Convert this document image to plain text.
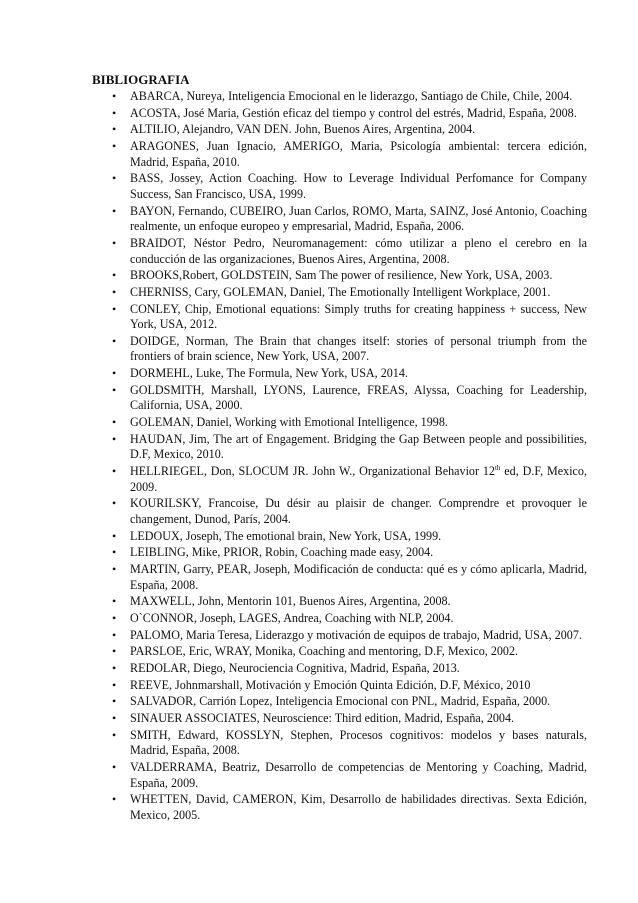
BIBLIOGRAFIA
• ABARCA, Nureya, Inteligencia Emocional en le liderazgo, Santiago de Chile, Chile, 2004.
• ACOSTA, José Maria, Gestión eficaz del tiempo y control del estrés, Madrid, España, 2008.
• ALTILIO, Alejandro, VAN DEN. John, Buenos Aires, Argentina, 2004.
• ARAGONES, Juan Ignacio, AMERIGO, Maria, Psicología ambiental: tercera edición, Madrid, España, 2010.
• BASS, Jossey, Action Coaching. How to Leverage Individual Perfomance for Company Success, San Francisco, USA, 1999.
• BAYON, Fernando, CUBEIRO, Juan Carlos, ROMO, Marta, SAINZ, José Antonio, Coaching realmente, un enfoque europeo y empresarial, Madrid, España, 2006.
• BRAIDOT, Néstor Pedro, Neuromanagement: cómo utilizar a pleno el cerebro en la conducción de las organizaciones, Buenos Aires, Argentina, 2008.
• BROOKS,Robert, GOLDSTEIN, Sam The power of resilience, New York, USA, 2003.
• CHERNISS, Cary, GOLEMAN, Daniel, The Emotionally Intelligent Workplace, 2001.
• CONLEY, Chip, Emotional equations: Simply truths for creating happiness + success, New York, USA, 2012.
• DOIDGE, Norman, The Brain that changes itself: stories of personal triumph from the frontiers of brain science, New York, USA, 2007.
• DORMEHL, Luke, The Formula, New York, USA, 2014.
• GOLDSMITH, Marshall, LYONS, Laurence, FREAS, Alyssa, Coaching for Leadership, California, USA, 2000.
• GOLEMAN, Daniel, Working with Emotional Intelligence, 1998.
• HAUDAN, Jim, The art of Engagement. Bridging the Gap Between people and possibilities, D.F, Mexico, 2010.
• HELLRIEGEL, Don, SLOCUM JR. John W., Organizational Behavior 12th ed, D.F, Mexico, 2009.
• KOURILSKY, Francoise, Du désir au plaisir de changer. Comprendre et provoquer le changement, Dunod, París, 2004.
• LEDOUX, Joseph, The emotional brain, New York, USA, 1999.
• LEIBLING, Mike, PRIOR, Robin, Coaching made easy, 2004.
• MARTIN, Garry, PEAR, Joseph, Modificación de conducta: qué es y cómo aplicarla, Madrid, España, 2008.
• MAXWELL, John, Mentorin 101, Buenos Aires, Argentina, 2008.
• O`CONNOR, Joseph, LAGES, Andrea, Coaching with NLP, 2004.
• PALOMO, Maria Teresa, Liderazgo y motivación de equipos de trabajo, Madrid, USA, 2007.
• PARSLOE, Eric, WRAY, Monika, Coaching and mentoring, D.F, Mexico, 2002.
• REDOLAR, Diego, Neurociencia Cognitiva, Madrid, España, 2013.
• REEVE, Johnmarshall, Motivación y Emoción Quinta Edición, D.F, México, 2010
• SALVADOR, Carrión Lopez, Inteligencia Emocional con PNL, Madrid, España, 2000.
• SINAUER ASSOCIATES, Neuroscience: Third edition, Madrid, España, 2004.
• SMITH, Edward, KOSSLYN, Stephen, Procesos cognitivos: modelos y bases naturals, Madrid, España, 2008.
• VALDERRAMA, Beatriz, Desarrollo de competencias de Mentoring y Coaching, Madrid, España, 2009.
• WHETTEN, David, CAMERON, Kim, Desarrollo de habilidades directivas. Sexta Edición, Mexico, 2005.
